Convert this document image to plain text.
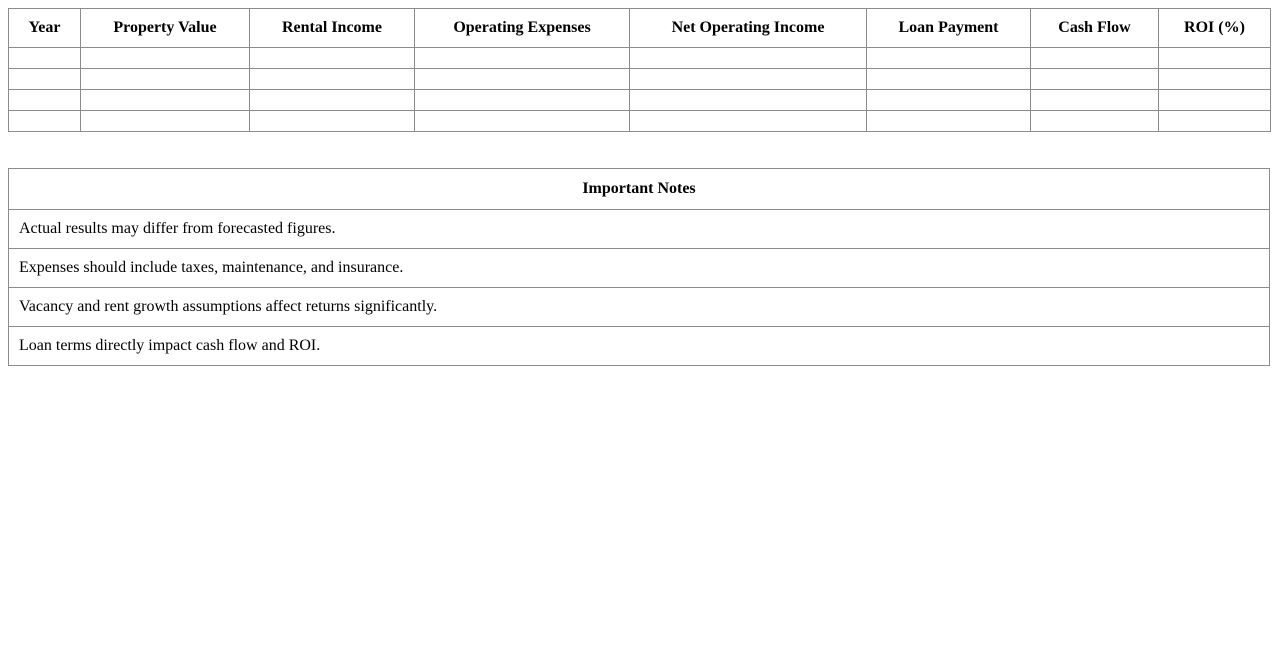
Year	Property Value	Rental Income	Operating Expenses	Net Operating Income	Loan Payment	Cash Flow	ROI (%)

Important Notes
Actual results may differ from forecasted figures.
Expenses should include taxes, maintenance, and insurance.
Vacancy and rent growth assumptions affect returns significantly.
Loan terms directly impact cash flow and ROI.
